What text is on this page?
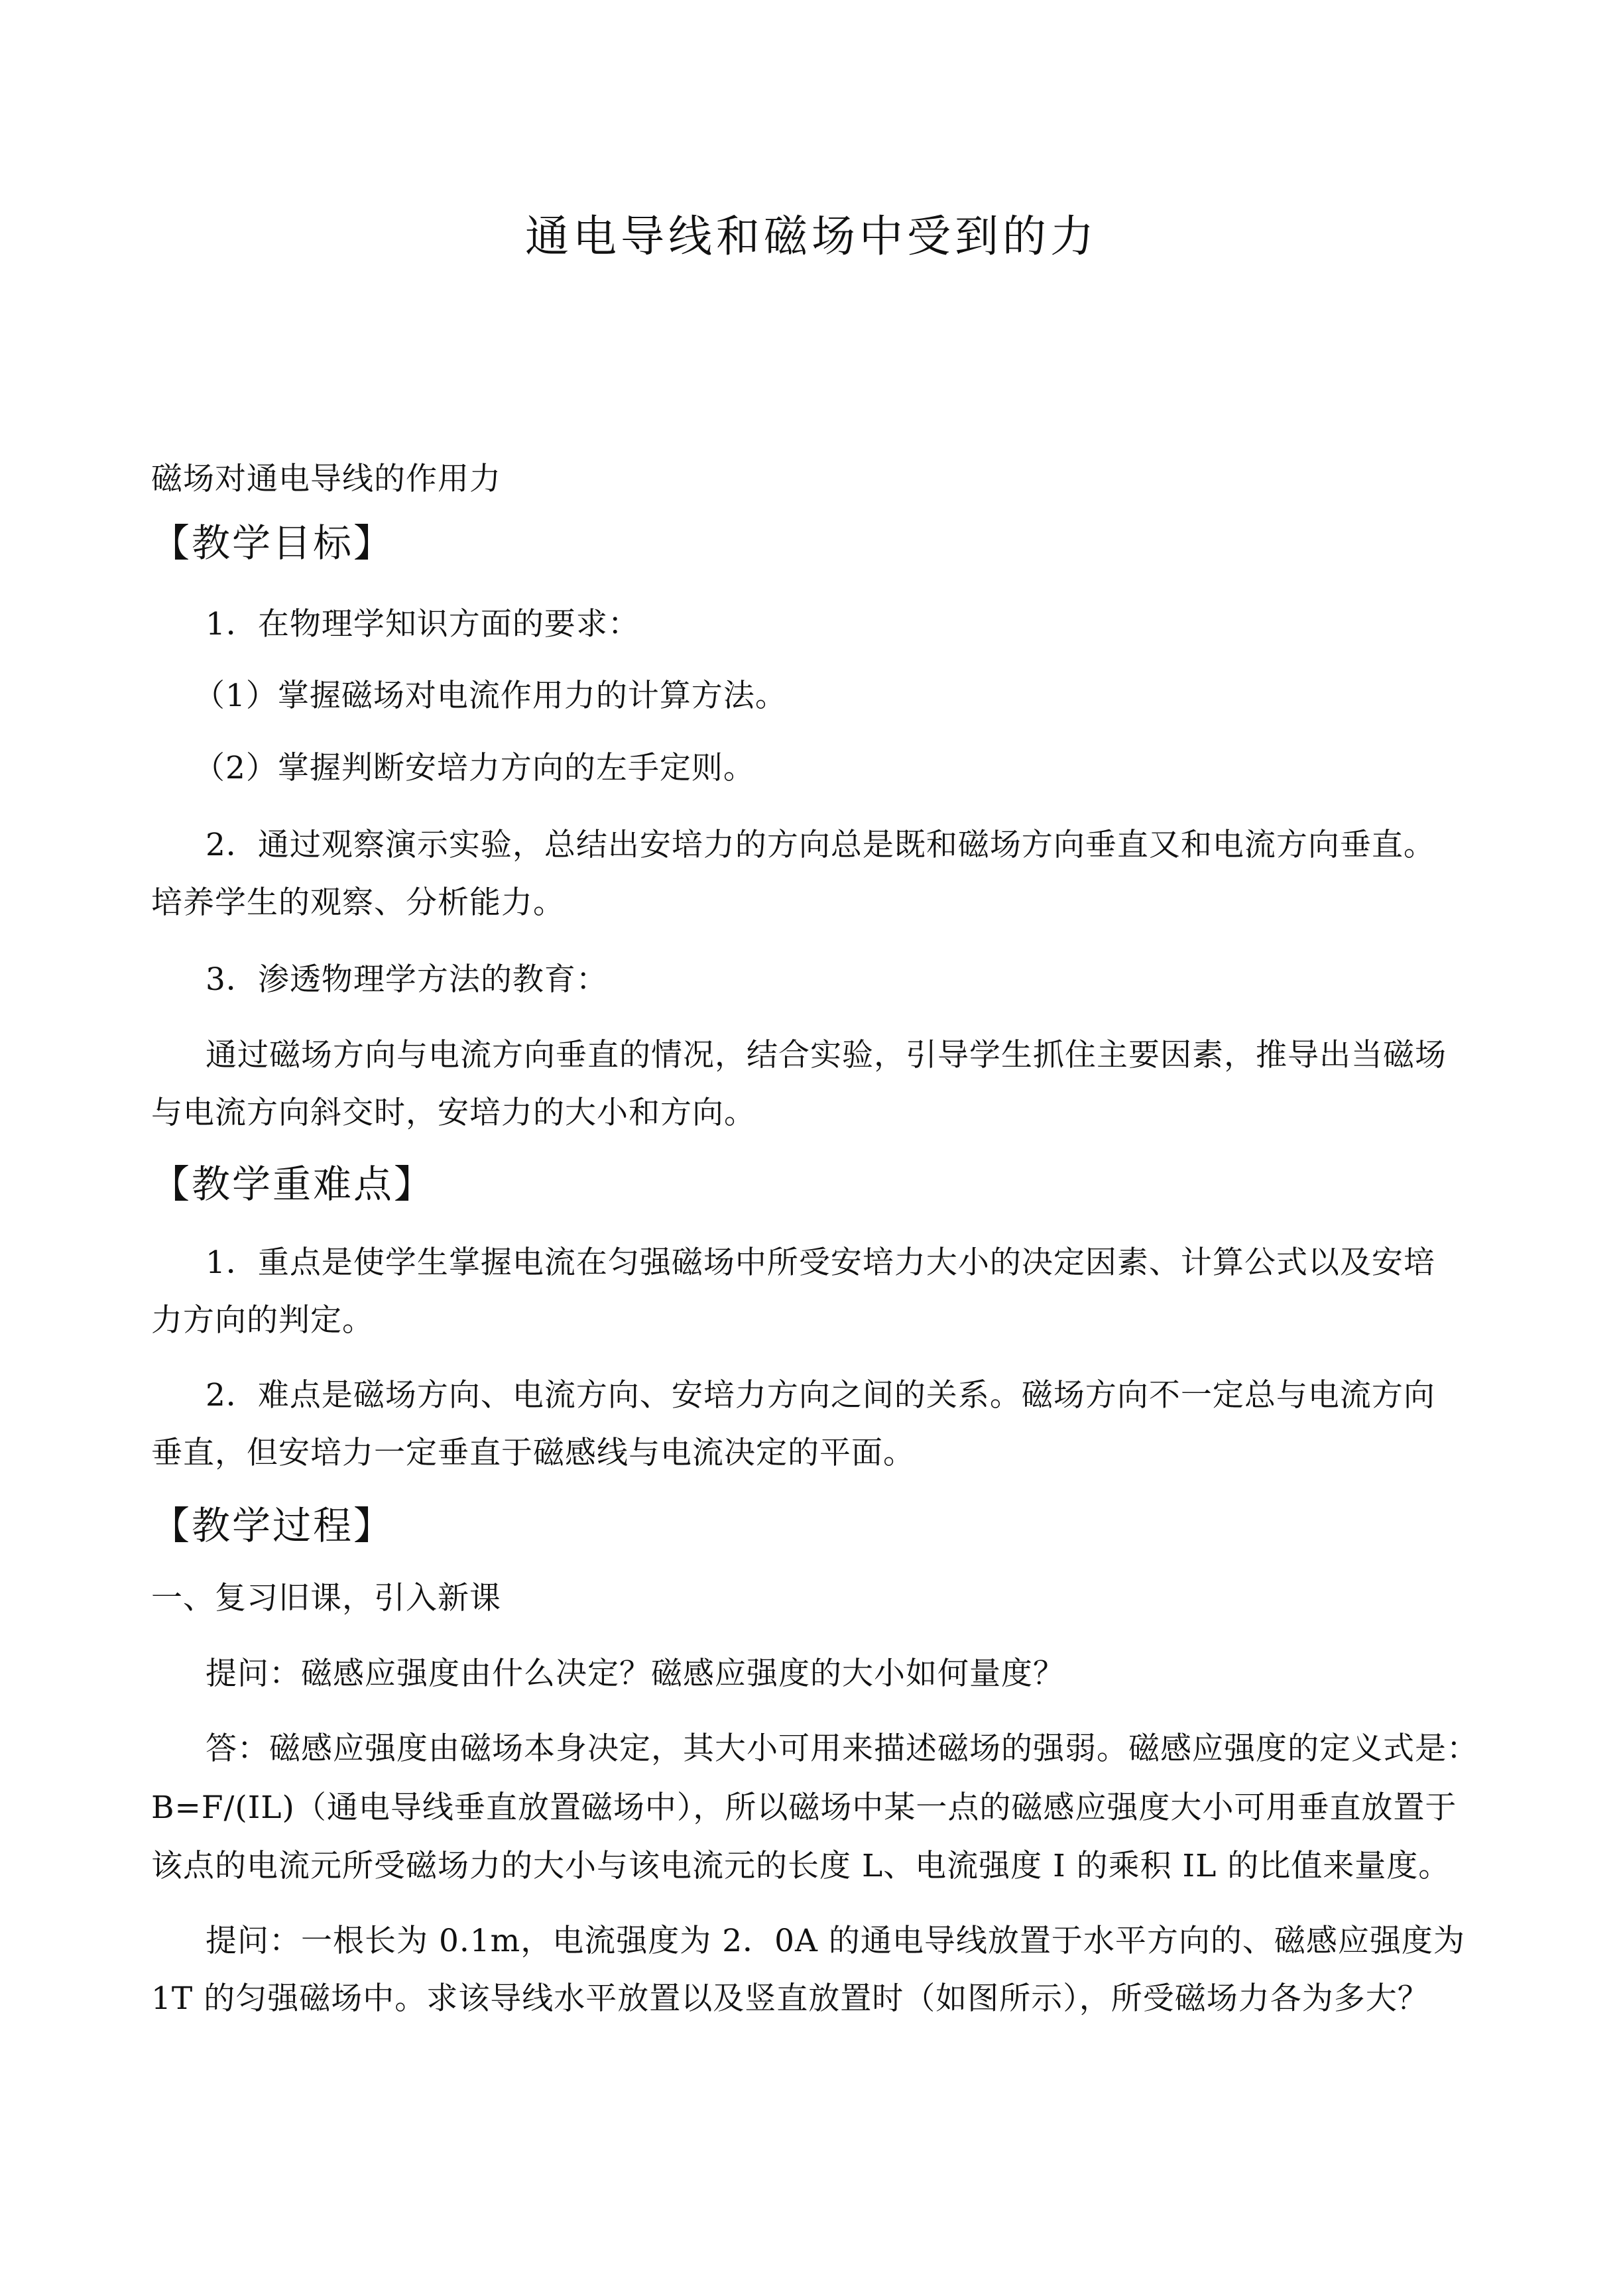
通电导线和磁场中受到的力
磁场对通电导线的作用力
【教学目标】
1．在物理学知识方面的要求：
（1）掌握磁场对电流作用力的计算方法。
（2）掌握判断安培力方向的左手定则。
2．通过观察演示实验，总结出安培力的方向总是既和磁场方向垂直又和电流方向垂直。
培养学生的观察、分析能力。
3．渗透物理学方法的教育：
通过磁场方向与电流方向垂直的情况，结合实验，引导学生抓住主要因素，推导出当磁场
与电流方向斜交时，安培力的大小和方向。
【教学重难点】
1．重点是使学生掌握电流在匀强磁场中所受安培力大小的决定因素、计算公式以及安培
力方向的判定。
2．难点是磁场方向、电流方向、安培力方向之间的关系。磁场方向不一定总与电流方向
垂直，但安培力一定垂直于磁感线与电流决定的平面。
【教学过程】
一、复习旧课，引入新课
提问：磁感应强度由什么决定？磁感应强度的大小如何量度？
答：磁感应强度由磁场本身决定，其大小可用来描述磁场的强弱。磁感应强度的定义式是：
B=F/(IL)（通电导线垂直放置磁场中），所以磁场中某一点的磁感应强度大小可用垂直放置于
该点的电流元所受磁场力的大小与该电流元的长度 L、电流强度 I 的乘积 IL 的比值来量度。
提问：一根长为 0.1m，电流强度为 2．0A 的通电导线放置于水平方向的、磁感应强度为
1T 的匀强磁场中。求该导线水平放置以及竖直放置时（如图所示），所受磁场力各为多大？
